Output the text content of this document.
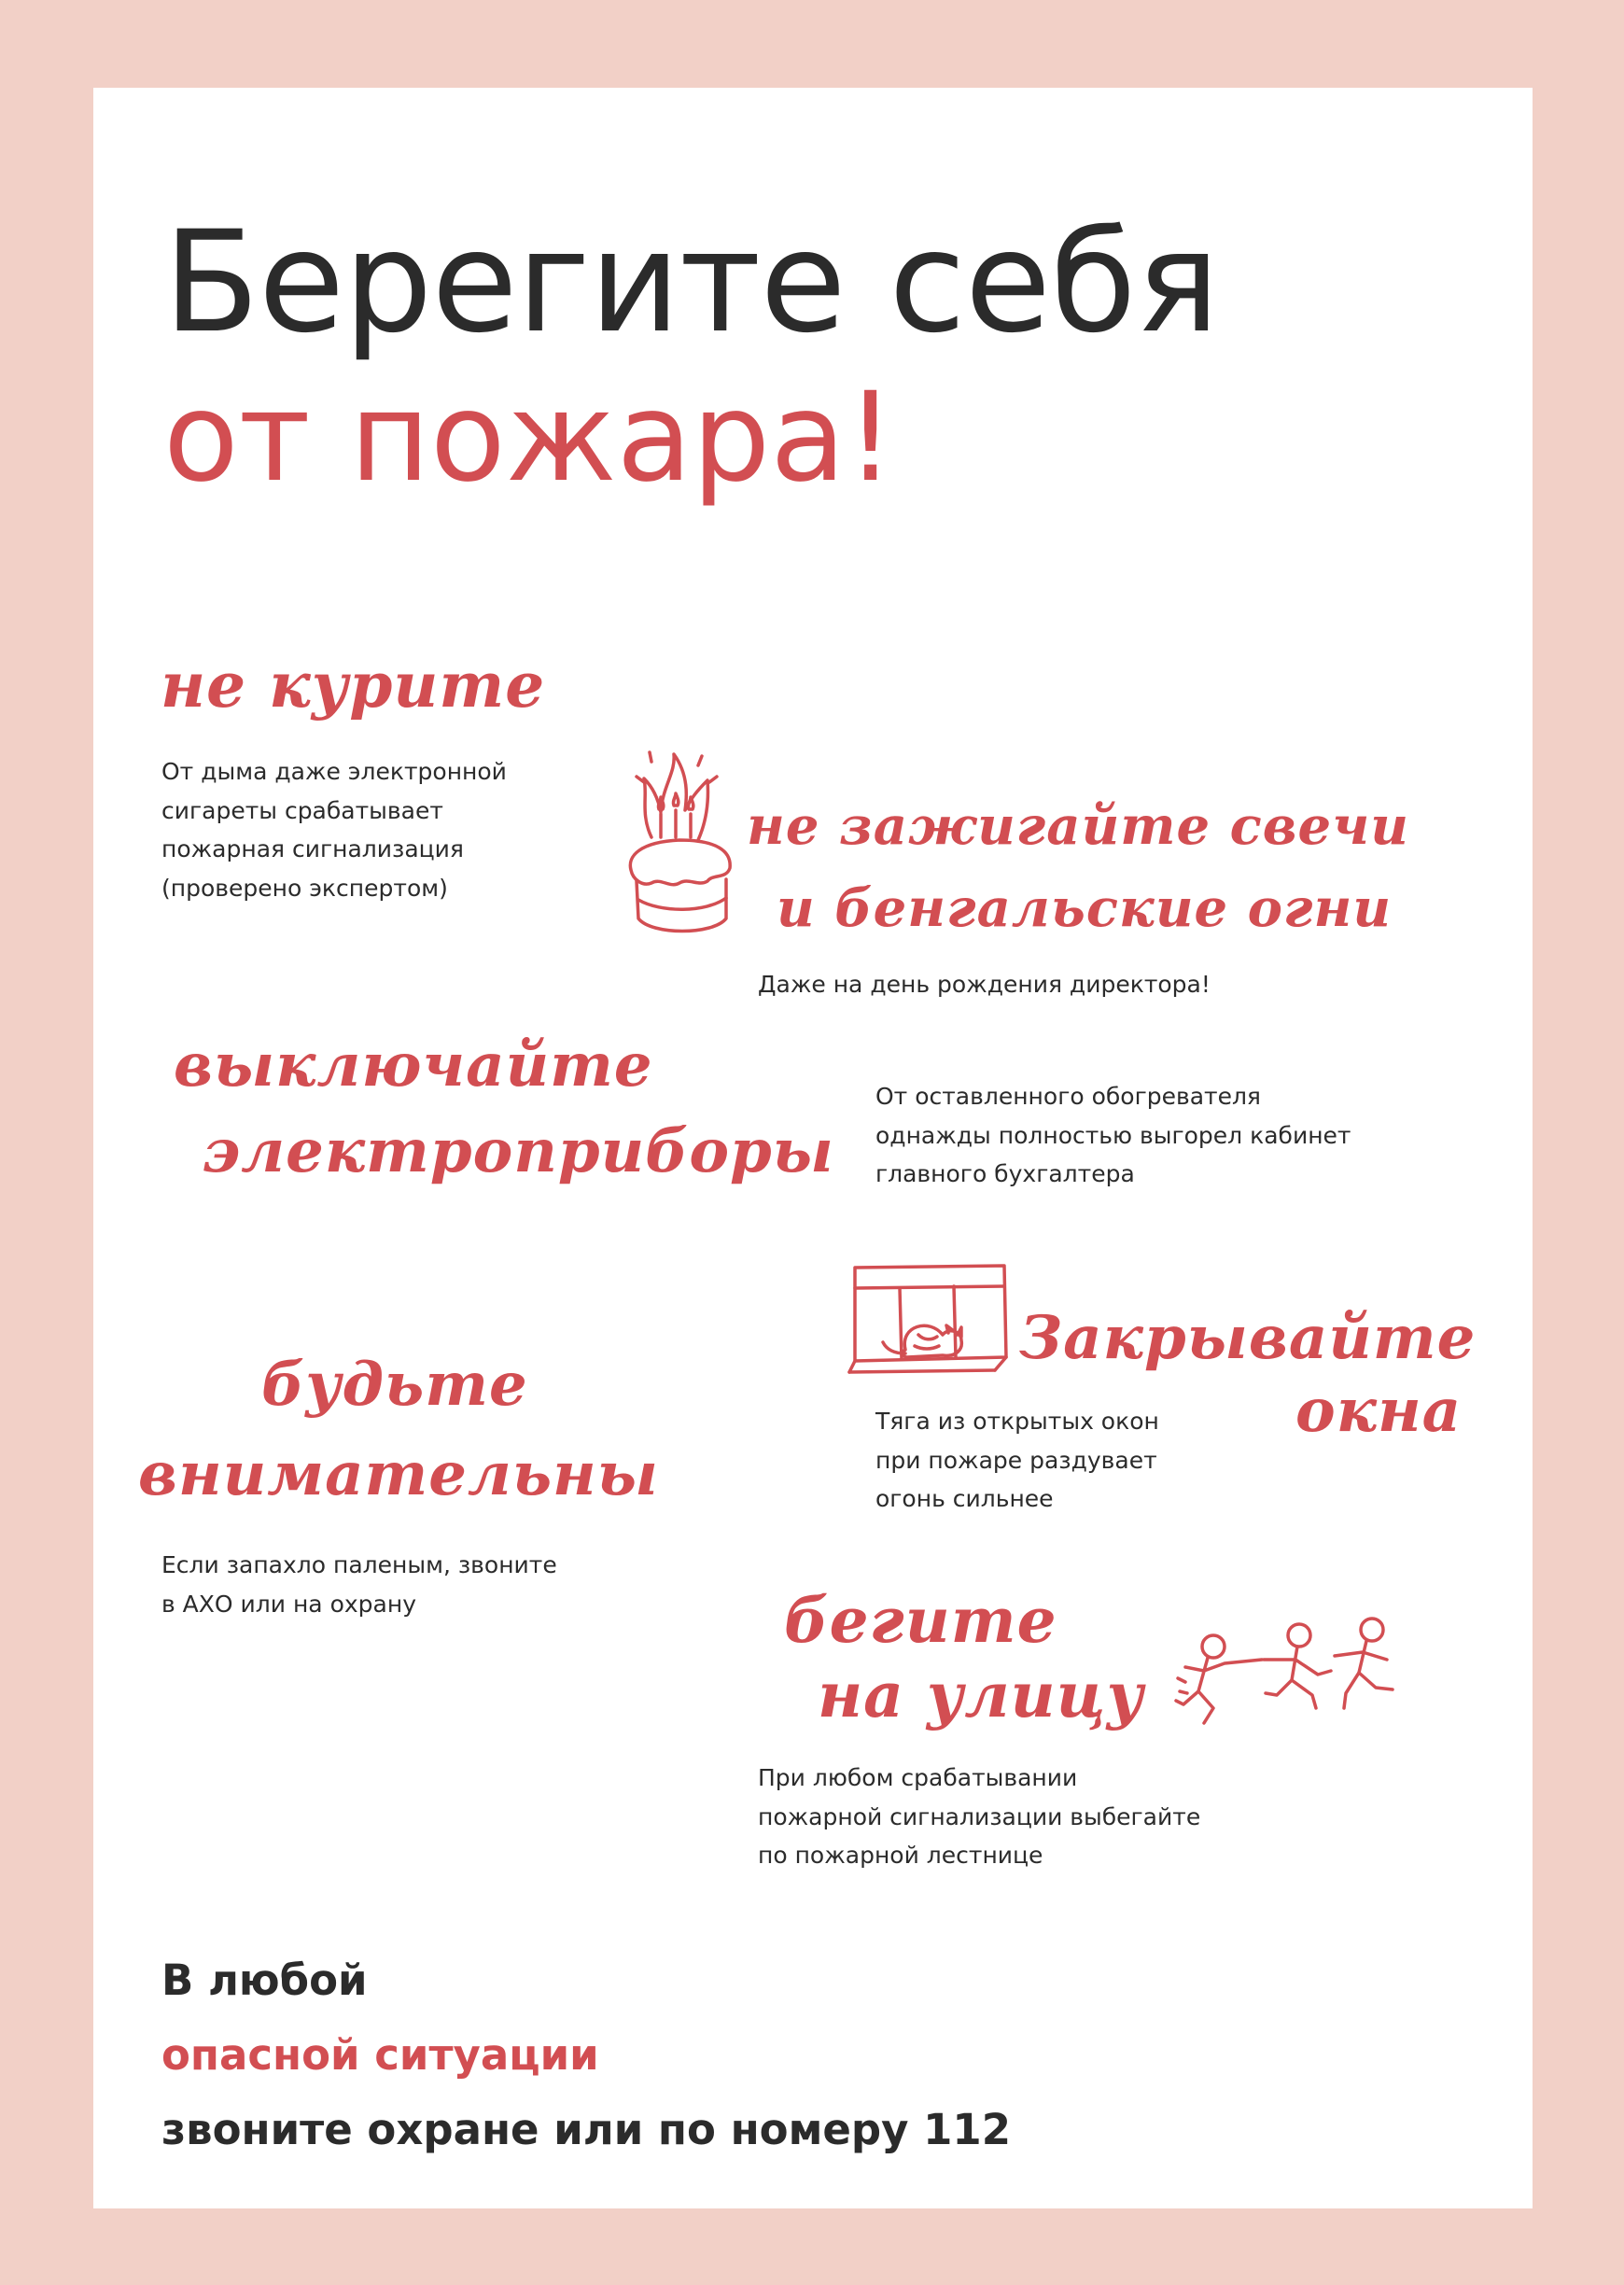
Берегите себя
от пожара!
не курите
От дыма даже электронной
сигареты срабатывает
пожарная сигнализация
(проверено экспертом)
не зажигайте свечи
и бенгальские огни
Даже на день рождения директора!
выключайте
электроприборы
От оставленного обогревателя
однажды полностью выгорел кабинет
главного бухгалтера
Закрывайте
окна
Тяга из открытых окон
при пожаре раздувает
огонь сильнее
будьте
внимательны
Если запахло паленым, звоните
в АХО или на охрану	бегите
на улицу
При любом срабатывании
пожарной сигнализации выбегайте
по пожарной лестнице
В любой
опасной ситуации
звоните охране или по номеру 112
